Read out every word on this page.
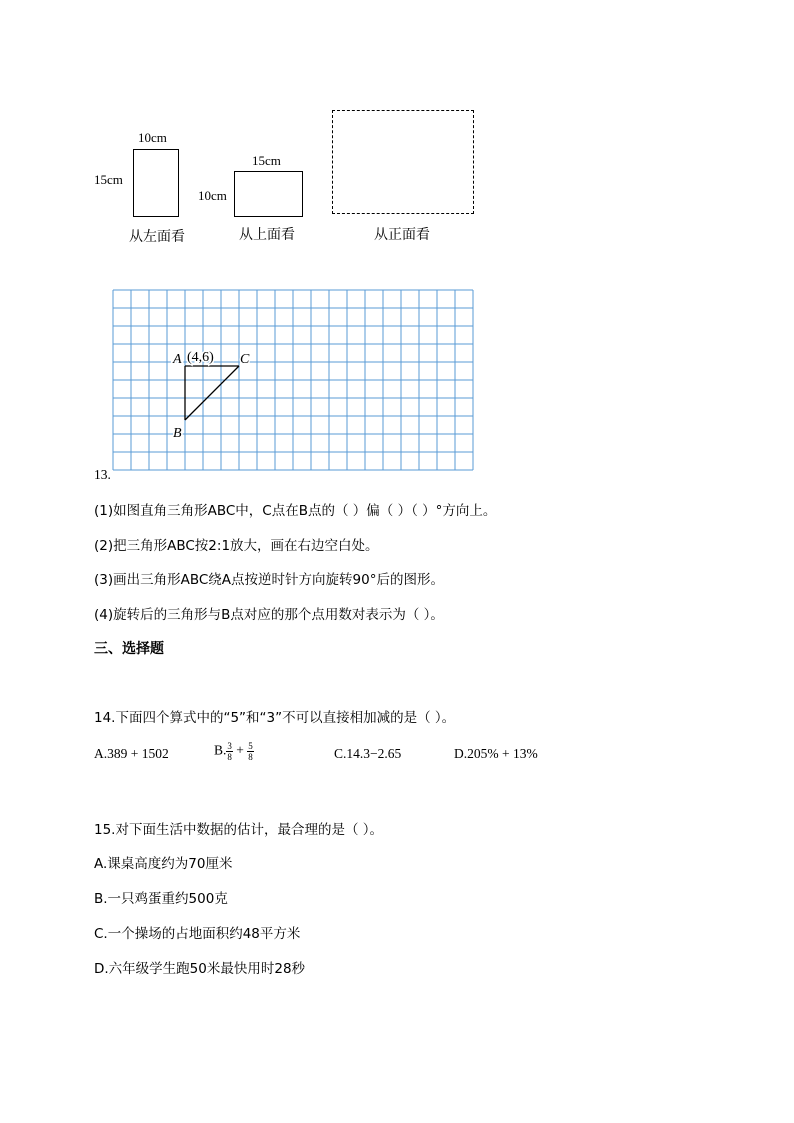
10cm
15cm
从左面看
15cm
10cm
从上面看	从正面看
13.
A (4,6) C
B
(1)如图直角三角形ABC中，C点在B点的（ ）偏（ ）（ ）°方向上。
(2)把三角形ABC按2:1放大，画在右边空白处。
(3)画出三角形ABC绕A点按逆时针方向旋转90°后的图形。
(4)旋转后的三角形与B点对应的那个点用数对表示为（ ）。
三、选择题
14.下面四个算式中的“5”和“3”不可以直接相加减的是（ ）。
A.389 + 1502	B. $\frac{3}{8} + \frac{5}{8}$	C.14.3−2.65	D.205% + 13%
15.对下面生活中数据的估计，最合理的是（ ）。
A.课桌高度约为70厘米
B.一只鸡蛋重约500克
C.一个操场的占地面积约48平方米
D.六年级学生跑50米最快用时28秒
